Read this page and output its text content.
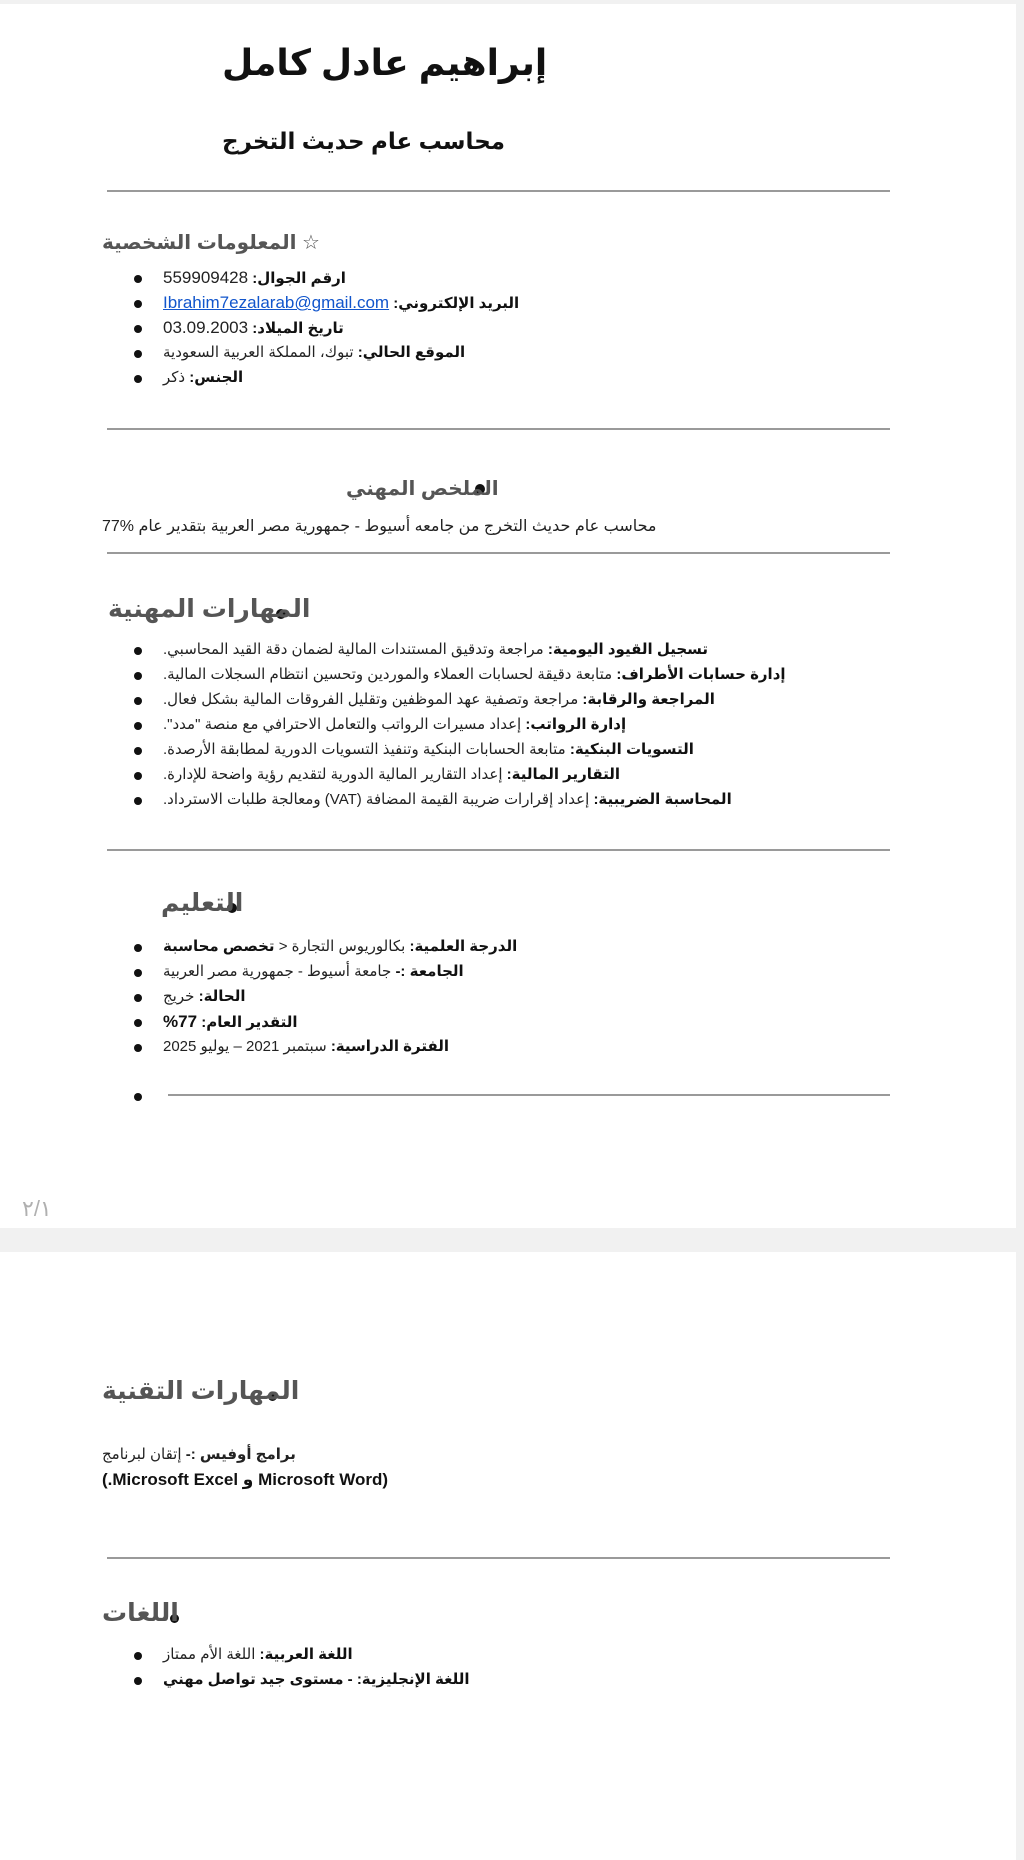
إبراهيم عادل كامل
محاسب عام حديث التخرج
☆ المعلومات الشخصية
ارقم الجوال: 559909428
البريد الإلكتروني: Ibrahim7ezalarab@gmail.com
تاريخ الميلاد: 03.09.2003
الموقع الحالي: تبوك، المملكة العربية السعودية
الجنس: ذكر
الملخص المهني
محاسب عام حديث التخرج من جامعه أسيوط - جمهورية مصر العربية بتقدير عام %77
المهارات المهنية
تسجيل القيود اليومية: مراجعة وتدقيق المستندات المالية لضمان دقة القيد المحاسبي.
إدارة حسابات الأطراف: متابعة دقيقة لحسابات العملاء والموردين وتحسين انتظام السجلات المالية.
المراجعة والرقابة: مراجعة وتصفية عهد الموظفين وتقليل الفروقات المالية بشكل فعال.
إدارة الرواتب: إعداد مسيرات الرواتب والتعامل الاحترافي مع منصة "مدد".
التسويات البنكية: متابعة الحسابات البنكية وتنفيذ التسويات الدورية لمطابقة الأرصدة.
التقارير المالية: إعداد التقارير المالية الدورية لتقديم رؤية واضحة للإدارة.
المحاسبة الضريبية: إعداد إقرارات ضريبة القيمة المضافة (VAT) ومعالجة طلبات الاسترداد.
التعليم
الدرجة العلمية: بكالوريوس التجارة < تخصص محاسبة
الجامعة :- جامعة أسيوط - جمهورية مصر العربية
الحالة: خريج
التقدير العام: 77%
الفترة الدراسية: سبتمبر 2021 – يوليو 2025
٢/١
المهارات التقنية
برامج أوفيس :- إتقان لبرنامج
(Microsoft Word و Microsoft Excel.)
اللغات
اللغة العربية: اللغة الأم ممتاز
اللغة الإنجليزية: - مستوى جيد تواصل مهني
